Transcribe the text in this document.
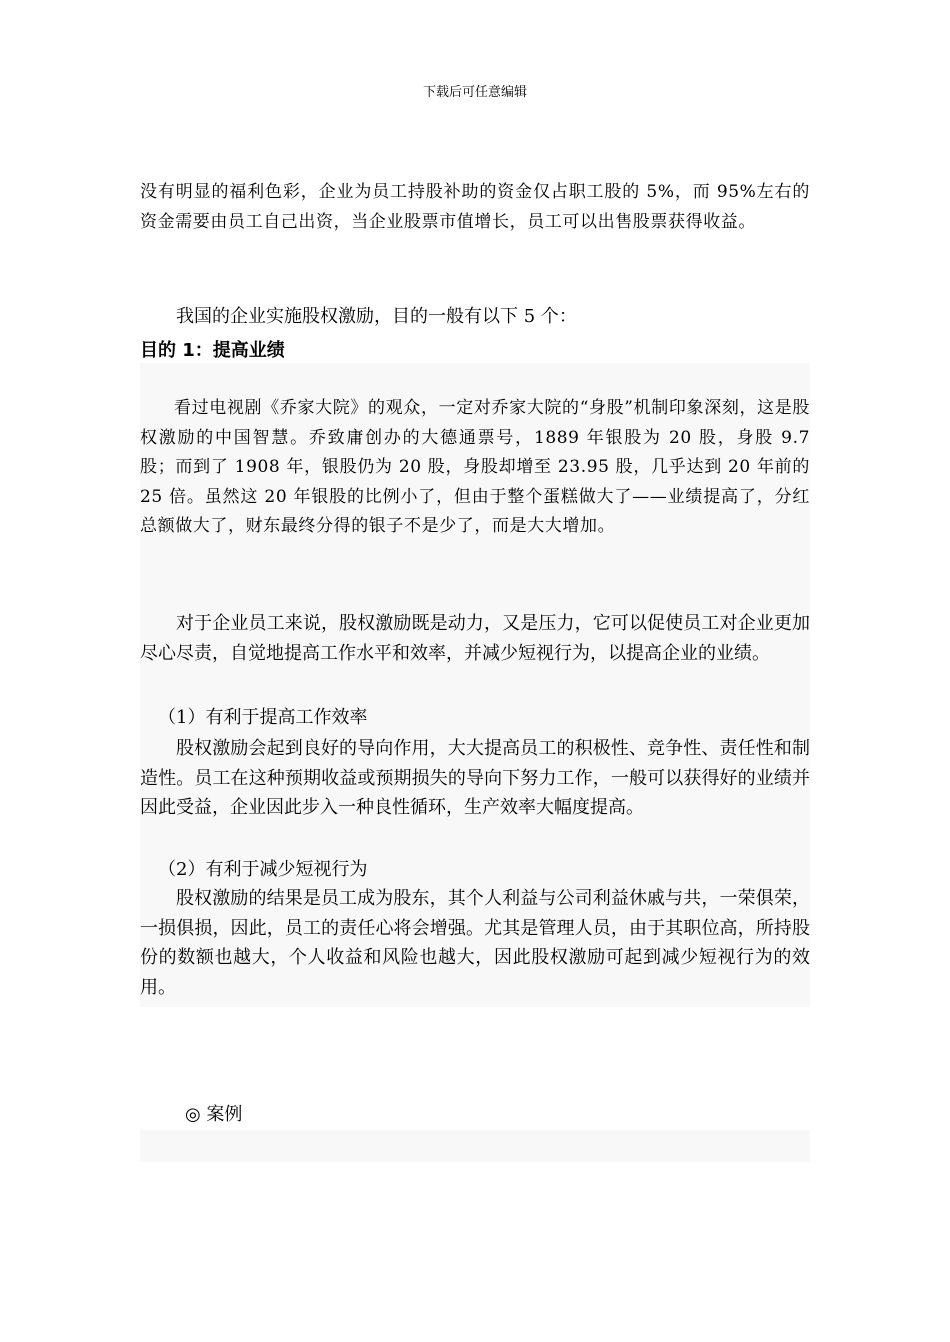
下载后可任意编辑

没有明显的福利色彩，企业为员工持股补助的资金仅占职工股的 5%，而 95%左右的资金需要由员工自己出资，当企业股票市值增长，员工可以出售股票获得收益。

我国的企业实施股权激励，目的一般有以下 5 个：

目的 1：提高业绩

看过电视剧《乔家大院》的观众，一定对乔家大院的“身股”机制印象深刻，这是股权激励的中国智慧。乔致庸创办的大德通票号，1889 年银股为 20 股，身股 9.7 股；而到了 1908 年，银股仍为 20 股，身股却增至 23.95 股，几乎达到 20 年前的 25 倍。虽然这 20 年银股的比例小了，但由于整个蛋糕做大了——业绩提高了，分红总额做大了，财东最终分得的银子不是少了，而是大大增加。

对于企业员工来说，股权激励既是动力，又是压力，它可以促使员工对企业更加尽心尽责，自觉地提高工作水平和效率，并减少短视行为，以提高企业的业绩。

（1）有利于提高工作效率

股权激励会起到良好的导向作用，大大提高员工的积极性、竞争性、责任性和制造性。员工在这种预期收益或预期损失的导向下努力工作，一般可以获得好的业绩并因此受益，企业因此步入一种良性循环，生产效率大幅度提高。

（2）有利于减少短视行为

股权激励的结果是员工成为股东，其个人利益与公司利益休戚与共，一荣俱荣，一损俱损，因此，员工的责任心将会增强。尤其是管理人员，由于其职位高，所持股份的数额也越大，个人收益和风险也越大，因此股权激励可起到减少短视行为的效用。

◎ 案例
